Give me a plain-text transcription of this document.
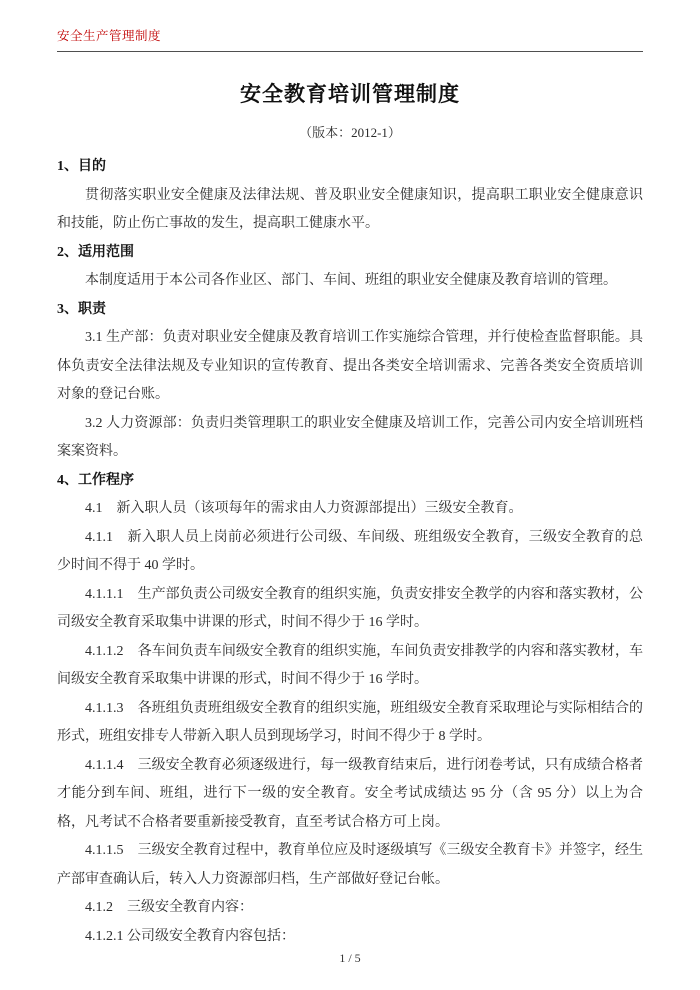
安全生产管理制度
安全教育培训管理制度

（版本：2012-1）

1、目的

贯彻落实职业安全健康及法律法规、普及职业安全健康知识，提高职工职业安全健康意识和技能，防止伤亡事故的发生，提高职工健康水平。

2、适用范围

本制度适用于本公司各作业区、部门、车间、班组的职业安全健康及教育培训的管理。

3、职责

3.1 生产部：负责对职业安全健康及教育培训工作实施综合管理，并行使检查监督职能。具体负责安全法律法规及专业知识的宣传教育、提出各类安全培训需求、完善各类安全资质培训对象的登记台账。

3.2 人力资源部：负责归类管理职工的职业安全健康及培训工作，完善公司内安全培训班档案案资料。

4、工作程序

4.1　新入职人员（该项每年的需求由人力资源部提出）三级安全教育。

4.1.1　新入职人员上岗前必须进行公司级、车间级、班组级安全教育，三级安全教育的总少时间不得于 40 学时。

4.1.1.1　生产部负责公司级安全教育的组织实施，负责安排安全教学的内容和落实教材，公司级安全教育采取集中讲课的形式，时间不得少于 16 学时。

4.1.1.2　各车间负责车间级安全教育的组织实施，车间负责安排教学的内容和落实教材，车间级安全教育采取集中讲课的形式，时间不得少于 16 学时。

4.1.1.3　各班组负责班组级安全教育的组织实施，班组级安全教育采取理论与实际相结合的形式，班组安排专人带新入职人员到现场学习，时间不得少于 8 学时。

4.1.1.4　三级安全教育必须逐级进行，每一级教育结束后，进行闭卷考试，只有成绩合格者才能分到车间、班组，进行下一级的安全教育。安全考试成绩达 95 分（含 95 分）以上为合格，凡考试不合格者要重新接受教育，直至考试合格方可上岗。

4.1.1.5　三级安全教育过程中，教育单位应及时逐级填写《三级安全教育卡》并签字，经生产部审查确认后，转入人力资源部归档，生产部做好登记台帐。

4.1.2　三级安全教育内容：

4.1.2.1 公司级安全教育内容包括：

1 / 5
